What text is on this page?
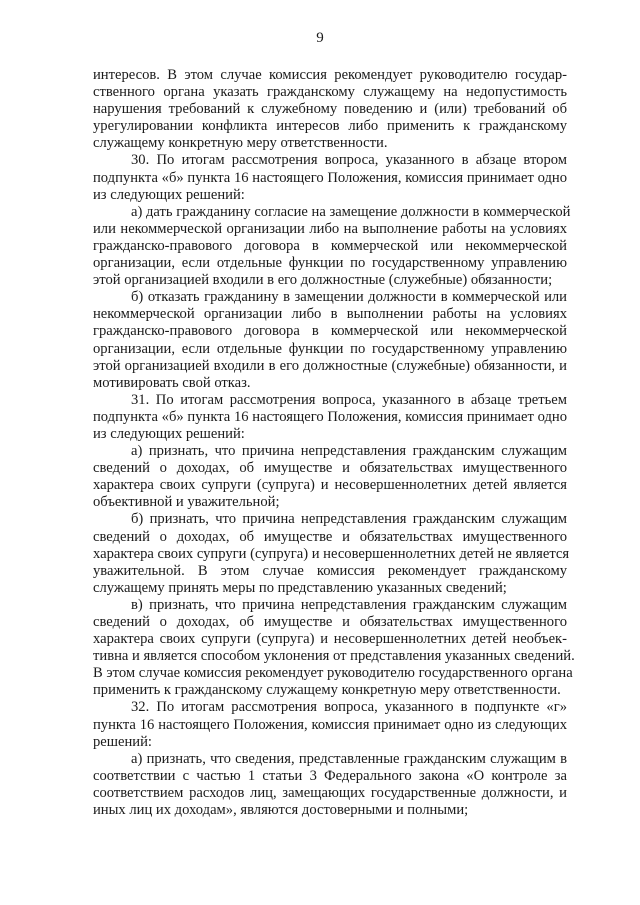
9
интересов. В этом случае комиссия рекомендует руководителю государ-
ственного органа указать гражданскому служащему на недопустимость
нарушения требований к служебному поведению и (или) требований об
урегулировании конфликта интересов либо применить к гражданскому
служащему конкретную меру ответственности.
30. По итогам рассмотрения вопроса, указанного в абзаце втором
подпункта «б» пункта 16 настоящего Положения, комиссия принимает одно
из следующих решений:
а) дать гражданину согласие на замещение должности в коммерческой
или некоммерческой организации либо на выполнение работы на условиях
гражданско-правового договора в коммерческой или некоммерческой
организации, если отдельные функции по государственному управлению
этой организацией входили в его должностные (служебные) обязанности;
б) отказать гражданину в замещении должности в коммерческой или
некоммерческой организации либо в выполнении работы на условиях
гражданско-правового договора в коммерческой или некоммерческой
организации, если отдельные функции по государственному управлению
этой организацией входили в его должностные (служебные) обязанности, и
мотивировать свой отказ.
31. По итогам рассмотрения вопроса, указанного в абзаце третьем
подпункта «б» пункта 16 настоящего Положения, комиссия принимает одно
из следующих решений:
а) признать, что причина непредставления гражданским служащим
сведений о доходах, об имуществе и обязательствах имущественного
характера своих супруги (супруга) и несовершеннолетних детей является
объективной и уважительной;
б) признать, что причина непредставления гражданским служащим
сведений о доходах, об имуществе и обязательствах имущественного
характера своих супруги (супруга) и несовершеннолетних детей не является
уважительной. В этом случае комиссия рекомендует гражданскому
служащему принять меры по представлению указанных сведений;
в) признать, что причина непредставления гражданским служащим
сведений о доходах, об имуществе и обязательствах имущественного
характера своих супруги (супруга) и несовершеннолетних детей необъек-
тивна и является способом уклонения от представления указанных сведений.
В этом случае комиссия рекомендует руководителю государственного органа
применить к гражданскому служащему конкретную меру ответственности.
32. По итогам рассмотрения вопроса, указанного в подпункте «г»
пункта 16 настоящего Положения, комиссия принимает одно из следующих
решений:
а) признать, что сведения, представленные гражданским служащим в
соответствии с частью 1 статьи 3 Федерального закона «О контроле за
соответствием расходов лиц, замещающих государственные должности, и
иных лиц их доходам», являются достоверными и полными;
